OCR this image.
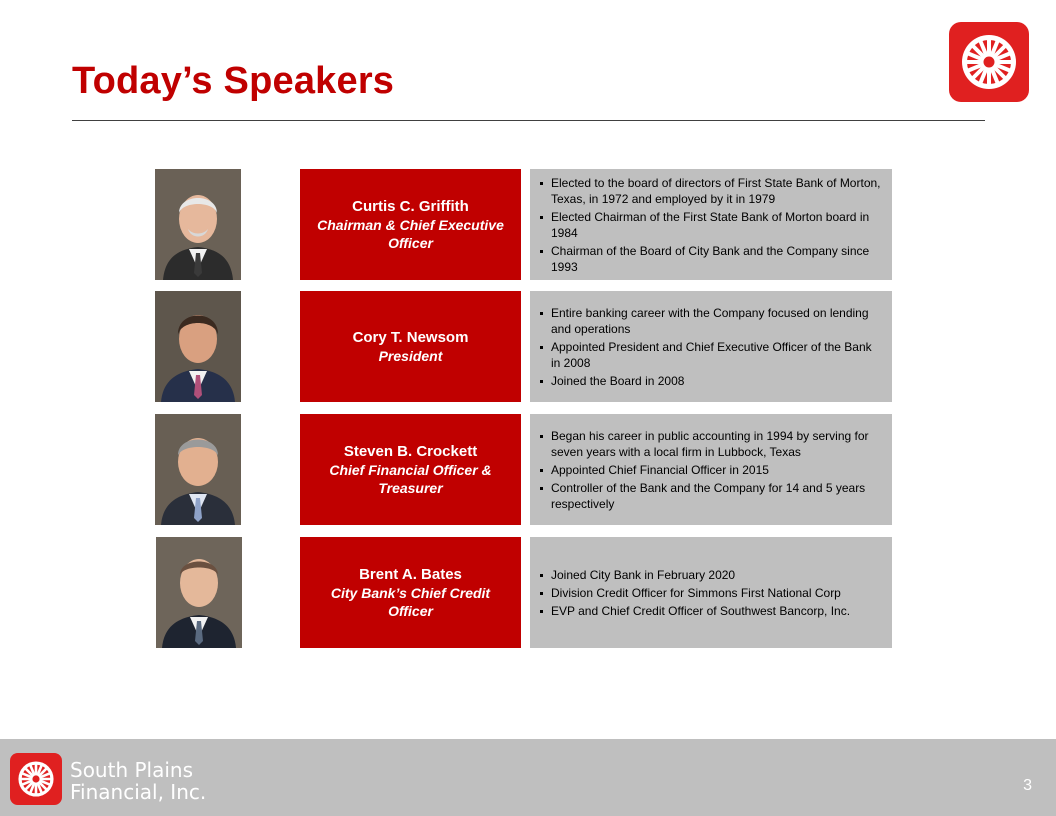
Today’s Speakers
Curtis C. Griffith
Chairman & Chief Executive Officer
Elected to the board of directors of First State Bank of Morton, Texas, in 1972 and employed by it in 1979
Elected Chairman of the First State Bank of Morton board in 1984
Chairman of the Board of City Bank and the Company since 1993
Cory T. Newsom
President
Entire banking career with the Company focused on lending and operations
Appointed President and Chief Executive Officer of the Bank in 2008
Joined the Board in 2008
Steven B. Crockett
Chief Financial Officer & Treasurer
Began his career in public accounting in 1994 by serving for seven years with a local firm in Lubbock, Texas
Appointed Chief Financial Officer in 2015
Controller of the Bank and the Company for 14 and 5 years respectively
Brent A. Bates
City Bank’s Chief Credit Officer
Joined City Bank in February 2020
Division Credit Officer for Simmons First National Corp
EVP and Chief Credit Officer of Southwest Bancorp, Inc.
South Plains
Financial, Inc.	3
